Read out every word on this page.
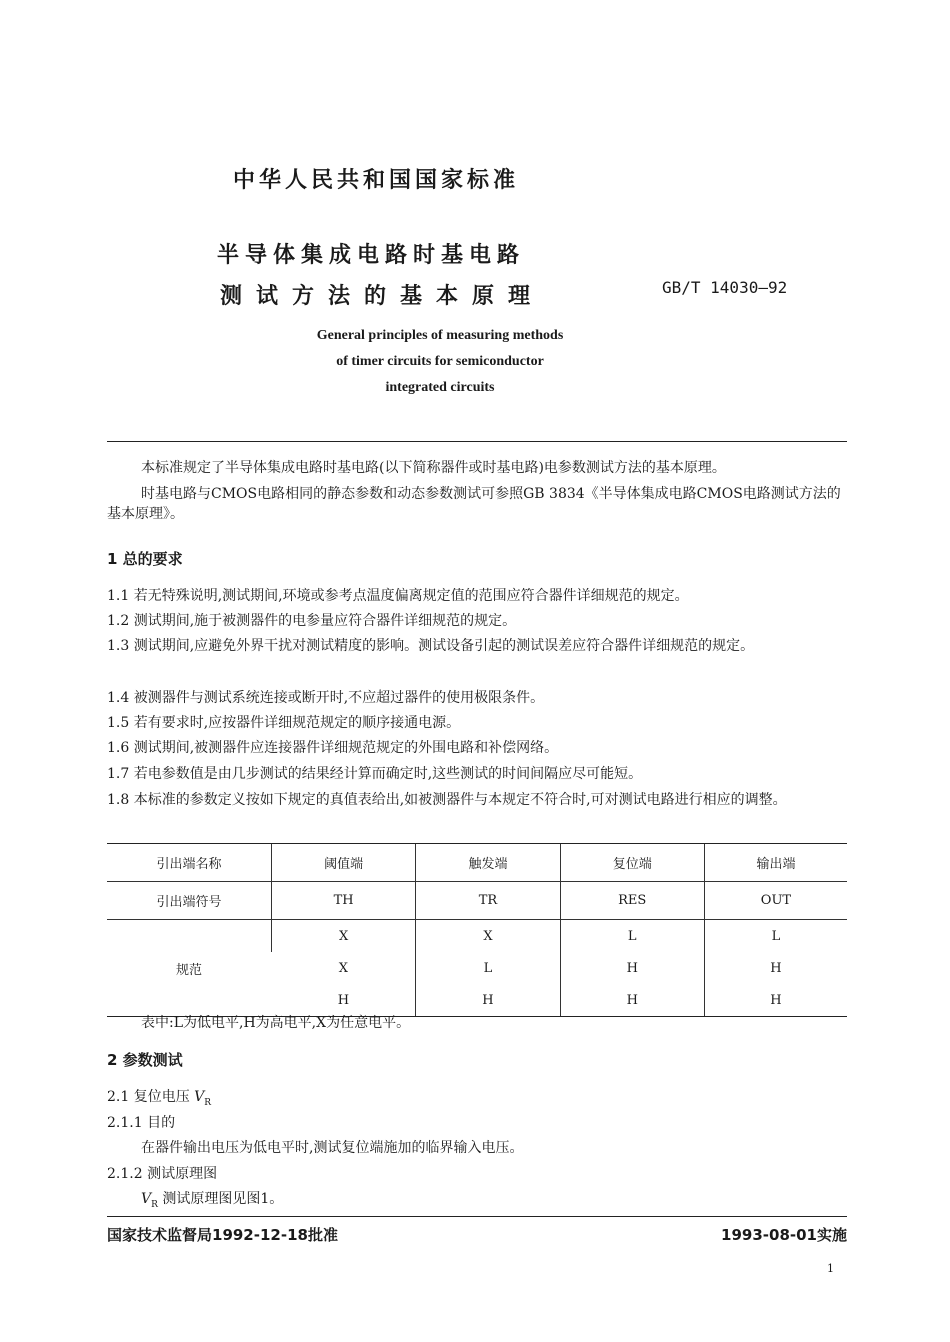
中华人民共和国国家标准
半导体集成电路时基电路
测试方法的基本原理	GB/T 14030—92
General principles of measuring methods
of timer circuits for semiconductor
integrated circuits
本标准规定了半导体集成电路时基电路(以下简称器件或时基电路)电参数测试方法的基本原理。
时基电路与CMOS电路相同的静态参数和动态参数测试可参照GB 3834《半导体集成电路CMOS电路测试方法的基本原理》。
1 总的要求
1.1 若无特殊说明,测试期间,环境或参考点温度偏离规定值的范围应符合器件详细规范的规定。
1.2 测试期间,施于被测器件的电参量应符合器件详细规范的规定。
1.3 测试期间,应避免外界干扰对测试精度的影响。测试设备引起的测试误差应符合器件详细规范的规定。
1.4 被测器件与测试系统连接或断开时,不应超过器件的使用极限条件。
1.5 若有要求时,应按器件详细规范规定的顺序接通电源。
1.6 测试期间,被测器件应连接器件详细规范规定的外围电路和补偿网络。
1.7 若电参数值是由几步测试的结果经计算而确定时,这些测试的时间间隔应尽可能短。
1.8 本标准的参数定义按如下规定的真值表给出,如被测器件与本规定不符合时,可对测试电路进行相应的调整。
引出端名称	阈值端	触发端	复位端	输出端
引出端符号	TH	TR	RES	OUT
规范	X	X	L	L
	X	L	H	H
	H	H	H	H
表中:L为低电平,H为高电平,X为任意电平。
2 参数测试
2.1 复位电压 $V_R$
2.1.1 目的
在器件输出电压为低电平时,测试复位端施加的临界输入电压。
2.1.2 测试原理图
$V_R$ 测试原理图见图1。
国家技术监督局1992-12-18批准	1993-08-01实施
1
